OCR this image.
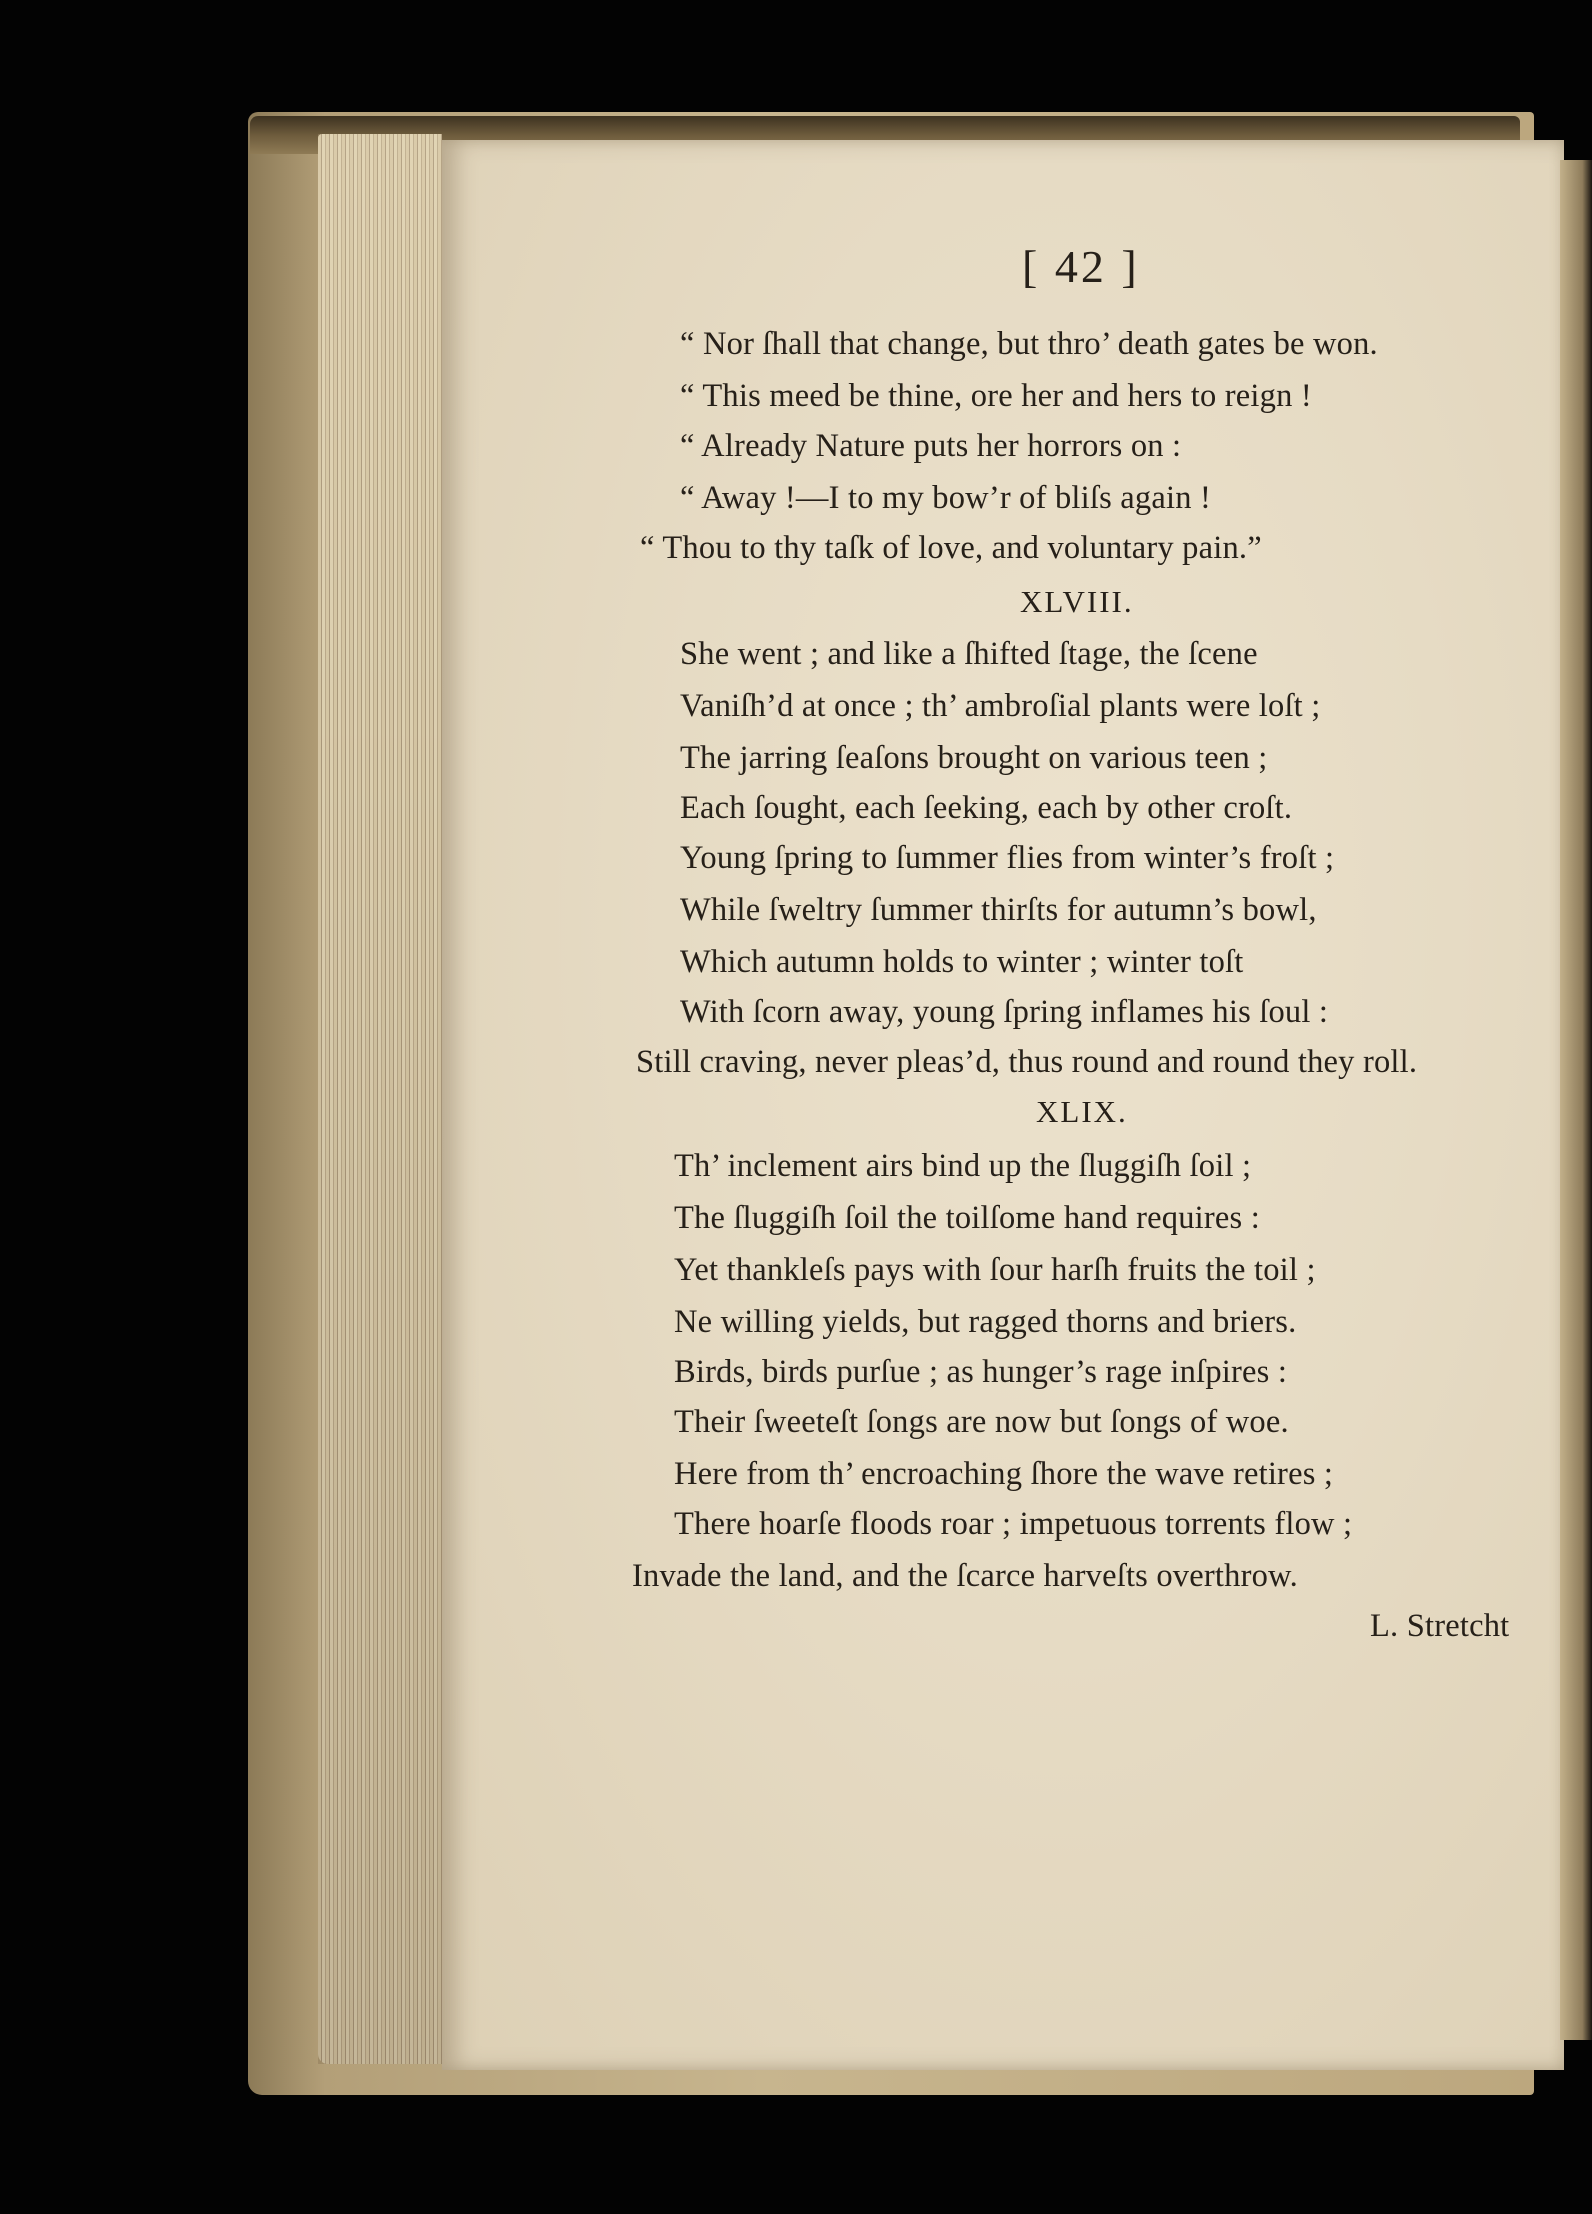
[ 42 ]
“ Nor ſhall that change, but thro’ death gates be won.
“ This meed be thine, ore her and hers to reign !
“ Already Nature puts her horrors on :
“ Away !—I to my bow’r of bliſs again !
“ Thou to thy taſk of love, and voluntary pain.”
XLVIII.
She went ; and like a ſhifted ſtage, the ſcene
Vaniſh’d at once ; th’ ambroſial plants were loſt ;
The jarring ſeaſons brought on various teen ;
Each ſought, each ſeeking, each by other croſt.
Young ſpring to ſummer flies from winter’s froſt ;
While ſweltry ſummer thirſts for autumn’s bowl,
Which autumn holds to winter ; winter toſt
With ſcorn away, young ſpring inflames his ſoul :
Still craving, never pleas’d, thus round and round they roll.
XLIX.
Th’ inclement airs bind up the ſluggiſh ſoil ;
The ſluggiſh ſoil the toilſome hand requires :
Yet thankleſs pays with ſour harſh fruits the toil ;
Ne willing yields, but ragged thorns and briers.
Birds, birds purſue ; as hunger’s rage inſpires :
Their ſweeteſt ſongs are now but ſongs of woe.
Here from th’ encroaching ſhore the wave retires ;
There hoarſe floods roar ; impetuous torrents flow ;
Invade the land, and the ſcarce harveſts overthrow.
L. Stretcht
